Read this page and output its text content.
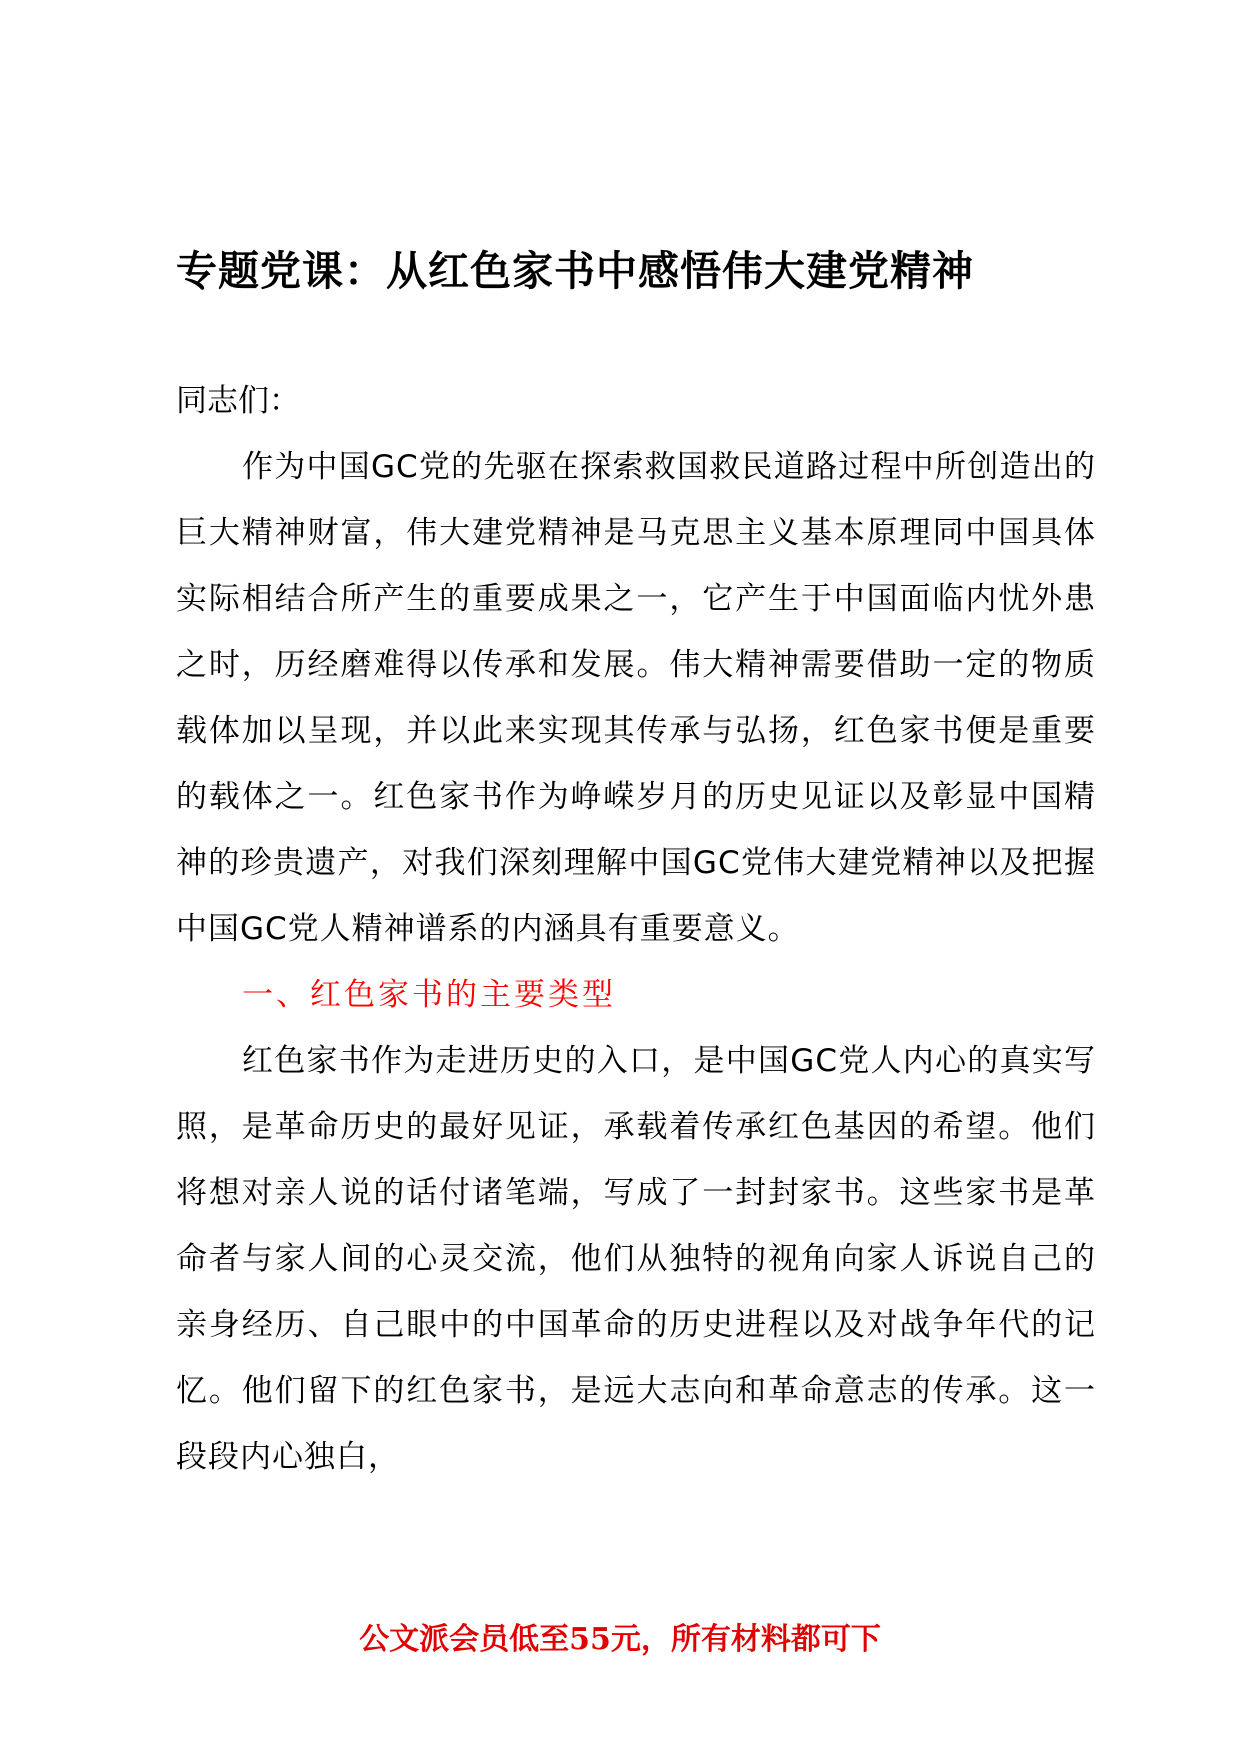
专题党课：从红色家书中感悟伟大建党精神

同志们：

作为中国GC党的先驱在探索救国救民道路过程中所创造出的巨大精神财富，伟大建党精神是马克思主义基本原理同中国具体实际相结合所产生的重要成果之一，它产生于中国面临内忧外患之时，历经磨难得以传承和发展。伟大精神需要借助一定的物质载体加以呈现，并以此来实现其传承与弘扬，红色家书便是重要的载体之一。红色家书作为峥嵘岁月的历史见证以及彰显中国精神的珍贵遗产，对我们深刻理解中国GC党伟大建党精神以及把握中国GC党人精神谱系的内涵具有重要意义。

一、红色家书的主要类型

红色家书作为走进历史的入口，是中国GC党人内心的真实写照，是革命历史的最好见证，承载着传承红色基因的希望。他们将想对亲人说的话付诸笔端，写成了一封封家书。这些家书是革命者与家人间的心灵交流，他们从独特的视角向家人诉说自己的亲身经历、自己眼中的中国革命的历史进程以及对战争年代的记忆。他们留下的红色家书，是远大志向和革命意志的传承。这一段段内心独白，

公文派会员低至55元，所有材料都可下
